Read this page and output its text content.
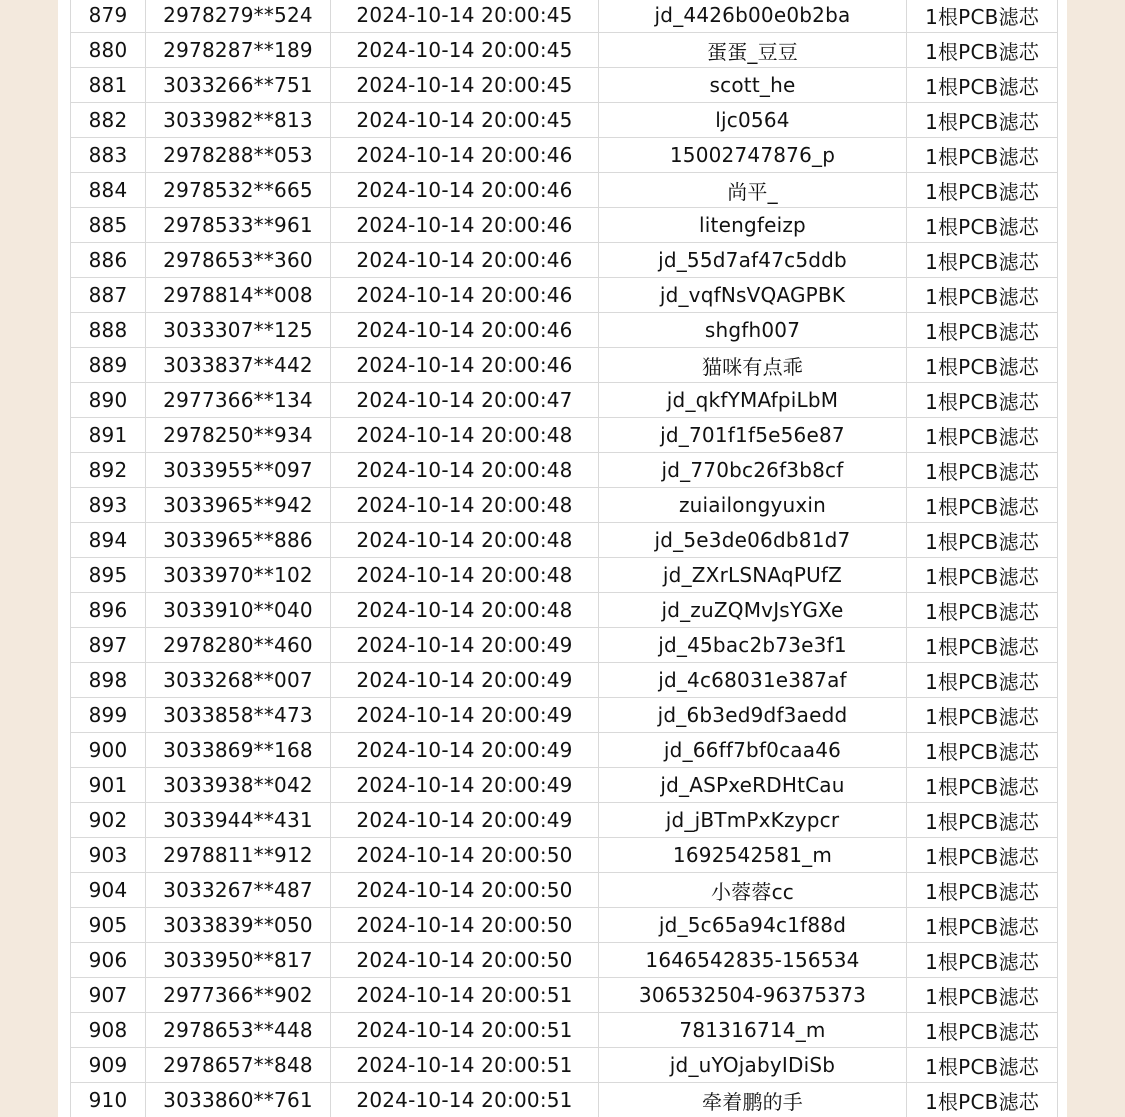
879	2978279**524	2024-10-14 20:00:45	jd_4426b00e0b2ba	1根PCB滤芯
880	2978287**189	2024-10-14 20:00:45	蛋蛋_豆豆	1根PCB滤芯
881	3033266**751	2024-10-14 20:00:45	scott_he	1根PCB滤芯
882	3033982**813	2024-10-14 20:00:45	ljc0564	1根PCB滤芯
883	2978288**053	2024-10-14 20:00:46	15002747876_p	1根PCB滤芯
884	2978532**665	2024-10-14 20:00:46	尚平_	1根PCB滤芯
885	2978533**961	2024-10-14 20:00:46	litengfeizp	1根PCB滤芯
886	2978653**360	2024-10-14 20:00:46	jd_55d7af47c5ddb	1根PCB滤芯
887	2978814**008	2024-10-14 20:00:46	jd_vqfNsVQAGPBK	1根PCB滤芯
888	3033307**125	2024-10-14 20:00:46	shgfh007	1根PCB滤芯
889	3033837**442	2024-10-14 20:00:46	猫咪有点乖	1根PCB滤芯
890	2977366**134	2024-10-14 20:00:47	jd_qkfYMAfpiLbM	1根PCB滤芯
891	2978250**934	2024-10-14 20:00:48	jd_701f1f5e56e87	1根PCB滤芯
892	3033955**097	2024-10-14 20:00:48	jd_770bc26f3b8cf	1根PCB滤芯
893	3033965**942	2024-10-14 20:00:48	zuiailongyuxin	1根PCB滤芯
894	3033965**886	2024-10-14 20:00:48	jd_5e3de06db81d7	1根PCB滤芯
895	3033970**102	2024-10-14 20:00:48	jd_ZXrLSNAqPUfZ	1根PCB滤芯
896	3033910**040	2024-10-14 20:00:48	jd_zuZQMvJsYGXe	1根PCB滤芯
897	2978280**460	2024-10-14 20:00:49	jd_45bac2b73e3f1	1根PCB滤芯
898	3033268**007	2024-10-14 20:00:49	jd_4c68031e387af	1根PCB滤芯
899	3033858**473	2024-10-14 20:00:49	jd_6b3ed9df3aedd	1根PCB滤芯
900	3033869**168	2024-10-14 20:00:49	jd_66ff7bf0caa46	1根PCB滤芯
901	3033938**042	2024-10-14 20:00:49	jd_ASPxeRDHtCau	1根PCB滤芯
902	3033944**431	2024-10-14 20:00:49	jd_jBTmPxKzypcr	1根PCB滤芯
903	2978811**912	2024-10-14 20:00:50	1692542581_m	1根PCB滤芯
904	3033267**487	2024-10-14 20:00:50	小蓉蓉cc	1根PCB滤芯
905	3033839**050	2024-10-14 20:00:50	jd_5c65a94c1f88d	1根PCB滤芯
906	3033950**817	2024-10-14 20:00:50	1646542835-156534	1根PCB滤芯
907	2977366**902	2024-10-14 20:00:51	306532504-96375373	1根PCB滤芯
908	2978653**448	2024-10-14 20:00:51	781316714_m	1根PCB滤芯
909	2978657**848	2024-10-14 20:00:51	jd_uYOjabyIDiSb	1根PCB滤芯
910	3033860**761	2024-10-14 20:00:51	牵着鹏的手	1根PCB滤芯
